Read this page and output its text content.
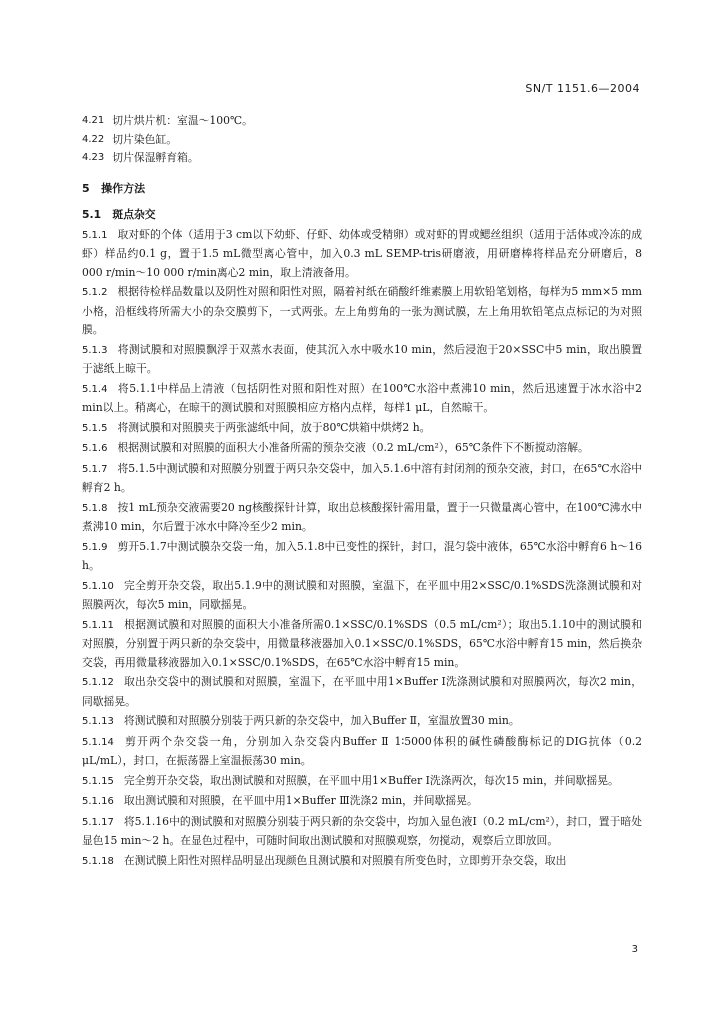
SN/T 1151.6—2004
4.21 切片烘片机：室温～100℃。
4.22 切片染色缸。
4.23 切片保湿孵育箱。
5 操作方法
5.1 斑点杂交

5.1.1 取对虾的个体（适用于3 cm以下幼虾、仔虾、幼体或受精卵）或对虾的胃或鳃丝组织（适用于活体或冷冻的成虾）样品约0.1 g，置于1.5 mL微型离心管中，加入0.3 mL SEMP-tris研磨液，用研磨棒将样品充分研磨后，8 000 r/min～10 000 r/min离心2 min，取上清液备用。

5.1.2 根据待检样品数量以及阴性对照和阳性对照，隔着衬纸在硝酸纤维素膜上用软铅笔划格，每样为5 mm×5 mm小格，沿框线将所需大小的杂交膜剪下，一式两张。左上角剪角的一张为测试膜，左上角用软铅笔点点标记的为对照膜。

5.1.3 将测试膜和对照膜飘浮于双蒸水表面，使其沉入水中吸水10 min，然后浸泡于20×SSC中5 min，取出膜置于滤纸上晾干。

5.1.4 将5.1.1中样品上清液（包括阴性对照和阳性对照）在100℃水浴中煮沸10 min，然后迅速置于冰水浴中2 min以上。稍离心，在晾干的测试膜和对照膜相应方格内点样，每样1 μL，自然晾干。

5.1.5 将测试膜和对照膜夹于两张滤纸中间，放于80℃烘箱中烘烤2 h。

5.1.6 根据测试膜和对照膜的面积大小准备所需的预杂交液（0.2 mL/cm²），65℃条件下不断搅动溶解。

5.1.7 将5.1.5中测试膜和对照膜分别置于两只杂交袋中，加入5.1.6中溶有封闭剂的预杂交液，封口，在65℃水浴中孵育2 h。

5.1.8 按1 mL预杂交液需要20 ng核酸探针计算，取出总核酸探针需用量，置于一只微量离心管中，在100℃沸水中煮沸10 min，尔后置于冰水中降冷至少2 min。

5.1.9 剪开5.1.7中测试膜杂交袋一角，加入5.1.8中已变性的探针，封口，混匀袋中液体，65℃水浴中孵育6 h～16 h。

5.1.10 完全剪开杂交袋，取出5.1.9中的测试膜和对照膜，室温下，在平皿中用2×SSC/0.1%SDS洗涤测试膜和对照膜两次，每次5 min，同歇摇晃。

5.1.11 根据测试膜和对照膜的面积大小准备所需0.1×SSC/0.1%SDS（0.5 mL/cm²）；取出5.1.10中的测试膜和对照膜，分别置于两只新的杂交袋中，用微量移液器加入0.1×SSC/0.1%SDS，65℃水浴中孵育15 min，然后换杂交袋，再用微量移液器加入0.1×SSC/0.1%SDS，在65℃水浴中孵育15 min。

5.1.12 取出杂交袋中的测试膜和对照膜，室温下，在平皿中用1×Buffer Ⅰ洗涤测试膜和对照膜两次，每次2 min，同歇摇晃。

5.1.13 将测试膜和对照膜分别装于两只新的杂交袋中，加入Buffer Ⅱ，室温放置30 min。

5.1.14 剪开两个杂交袋一角，分别加入杂交袋内Buffer Ⅱ 1∶5000体积的碱性磷酸酶标记的DIG抗体（0.2 μL/mL），封口，在振荡器上室温振荡30 min。

5.1.15 完全剪开杂交袋，取出测试膜和对照膜，在平皿中用1×Buffer Ⅰ洗涤两次，每次15 min，并间歇摇晃。

5.1.16 取出测试膜和对照膜，在平皿中用1×Buffer Ⅲ洗涤2 min，并间歇摇晃。

5.1.17 将5.1.16中的测试膜和对照膜分别装于两只新的杂交袋中，均加入显色液Ⅰ（0.2 mL/cm²），封口，置于暗处显色15 min～2 h。在显色过程中，可随时间取出测试膜和对照膜观察，勿搅动，观察后立即放回。

5.1.18 在测试膜上阳性对照样品明显出现颜色且测试膜和对照膜有所变色时，立即剪开杂交袋，取出

3
